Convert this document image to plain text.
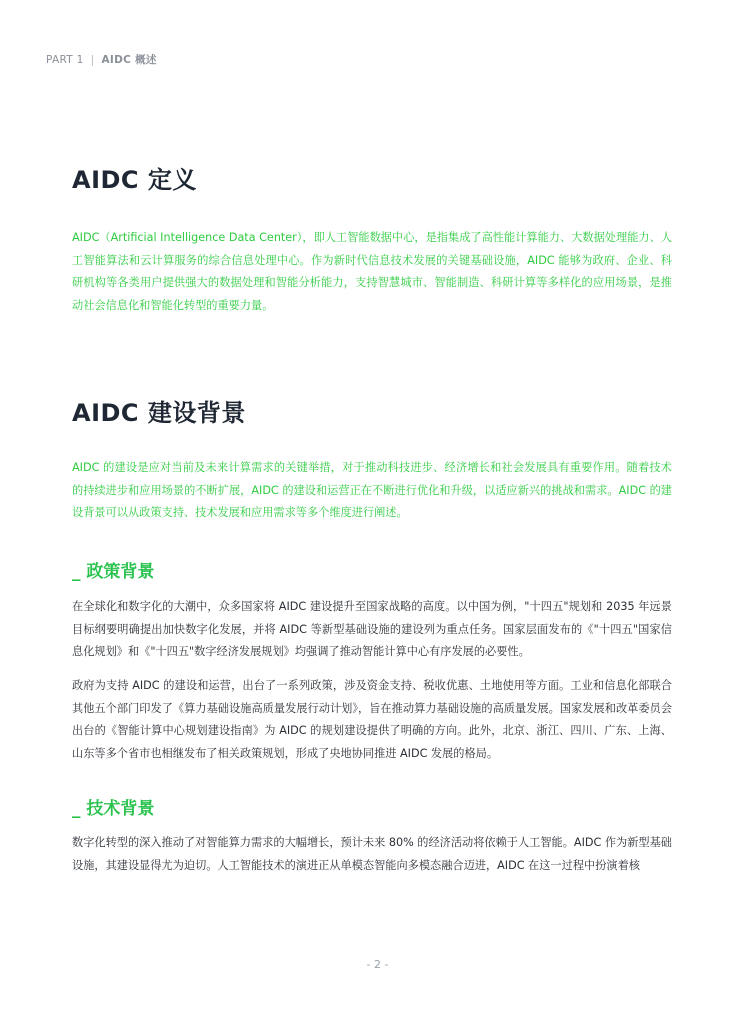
PART 1 | AIDC 概述
AIDC 定义

AIDC（Artificial Intelligence Data Center），即人工智能数据中心，是指集成了高性能计算能力、大数据处理能力、人工智能算法和云计算服务的综合信息处理中心。作为新时代信息技术发展的关键基础设施，AIDC 能够为政府、企业、科研机构等各类用户提供强大的数据处理和智能分析能力，支持智慧城市、智能制造、科研计算等多样化的应用场景，是推动社会信息化和智能化转型的重要力量。

AIDC 建设背景

AIDC 的建设是应对当前及未来计算需求的关键举措，对于推动科技进步、经济增长和社会发展具有重要作用。随着技术的持续进步和应用场景的不断扩展，AIDC 的建设和运营正在不断进行优化和升级，以适应新兴的挑战和需求。AIDC 的建设背景可以从政策支持、技术发展和应用需求等多个维度进行阐述。

_ 政策背景

在全球化和数字化的大潮中，众多国家将 AIDC 建设提升至国家战略的高度。以中国为例，"十四五"规划和 2035 年远景目标纲要明确提出加快数字化发展，并将 AIDC 等新型基础设施的建设列为重点任务。国家层面发布的《"十四五"国家信息化规划》和《"十四五"数字经济发展规划》均强调了推动智能计算中心有序发展的必要性。

政府为支持 AIDC 的建设和运营，出台了一系列政策，涉及资金支持、税收优惠、土地使用等方面。工业和信息化部联合其他五个部门印发了《算力基础设施高质量发展行动计划》，旨在推动算力基础设施的高质量发展。国家发展和改革委员会出台的《智能计算中心规划建设指南》为 AIDC 的规划建设提供了明确的方向。此外，北京、浙江、四川、广东、上海、山东等多个省市也相继发布了相关政策规划，形成了央地协同推进 AIDC 发展的格局。

_ 技术背景

数字化转型的深入推动了对智能算力需求的大幅增长，预计未来 80% 的经济活动将依赖于人工智能。AIDC 作为新型基础设施，其建设显得尤为迫切。人工智能技术的演进正从单模态智能向多模态融合迈进，AIDC 在这一过程中扮演着核

- 2 -
